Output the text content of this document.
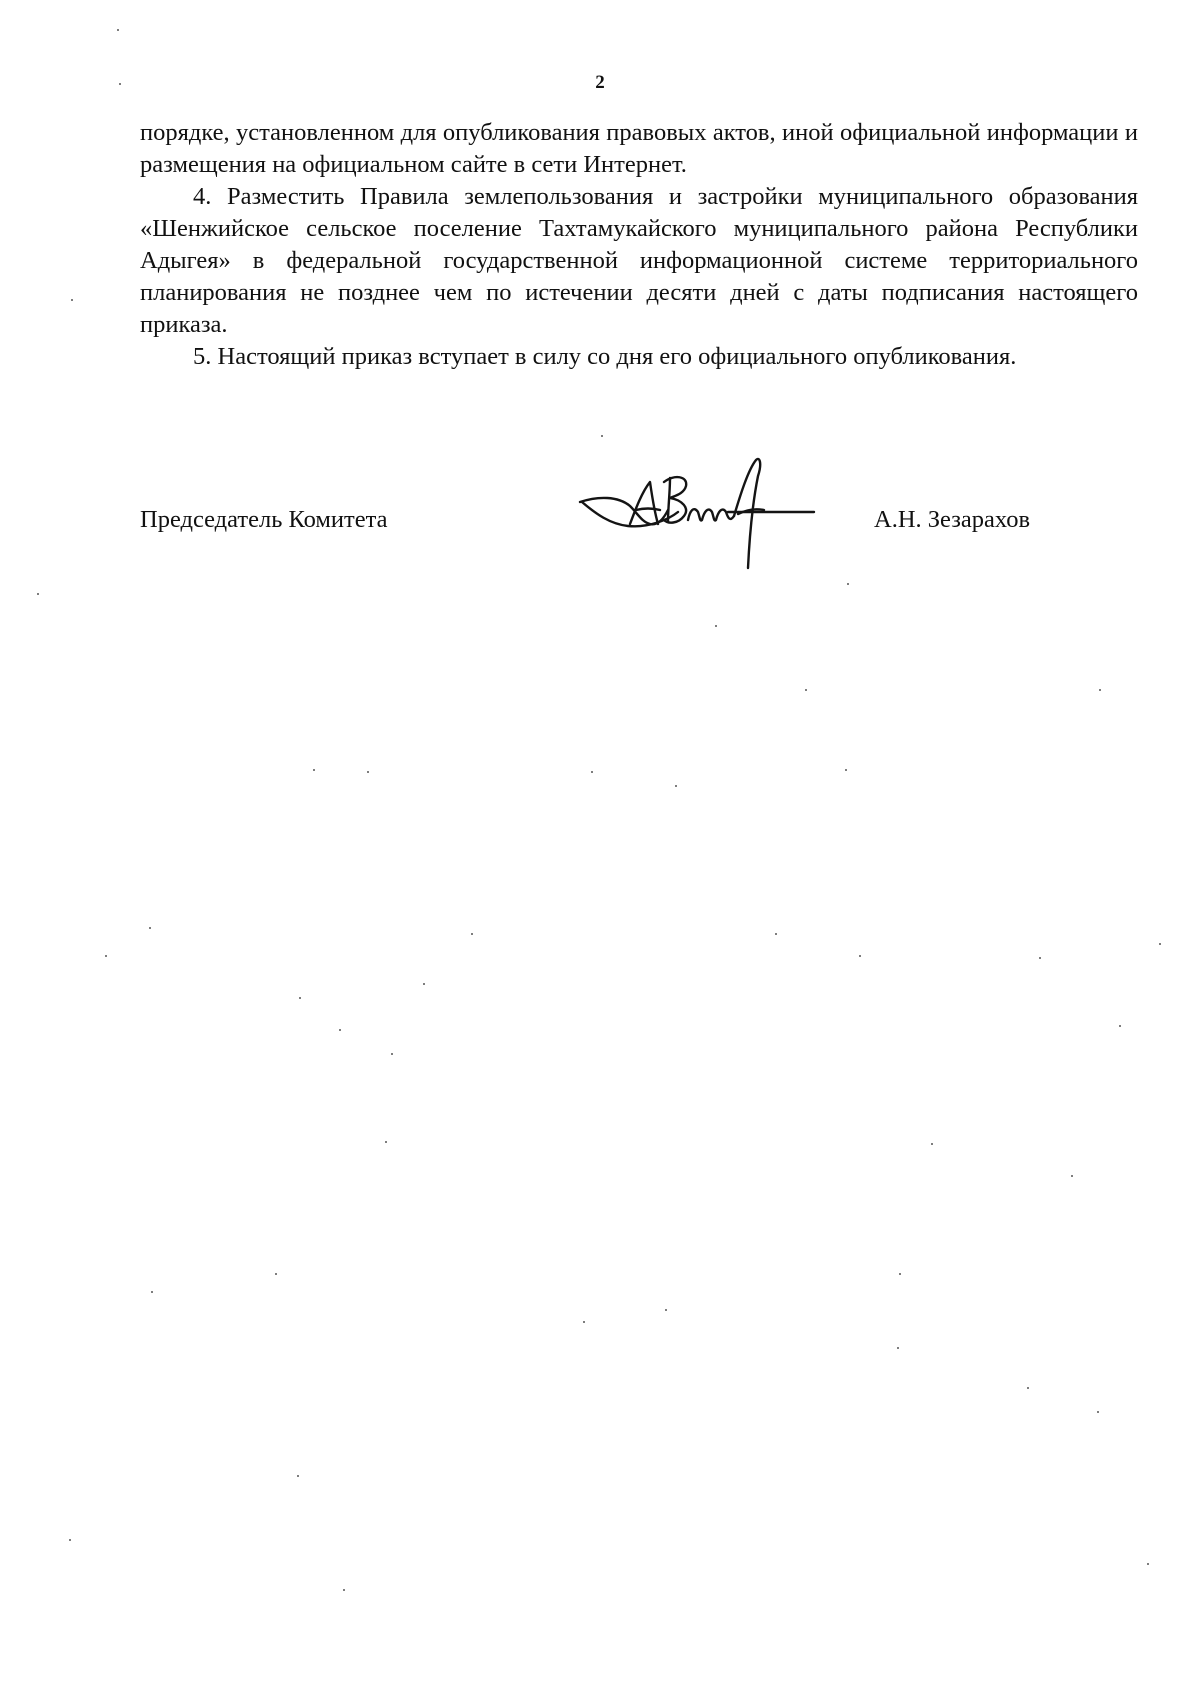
2

порядке, установленном для опубликования правовых актов, иной официальной информации и размещения на официальном сайте в сети Интернет.

4. Разместить Правила землепользования и застройки муниципального образования «Шенжийское сельское поселение Тахтамукайского муниципального района Республики Адыгея» в федеральной государственной информационной системе территориального планирования не позднее чем по истечении десяти дней с даты подписания настоящего приказа.

5. Настоящий приказ вступает в силу со дня его официального опубликования.

Председатель Комитета	А.Н. Зезарахов
